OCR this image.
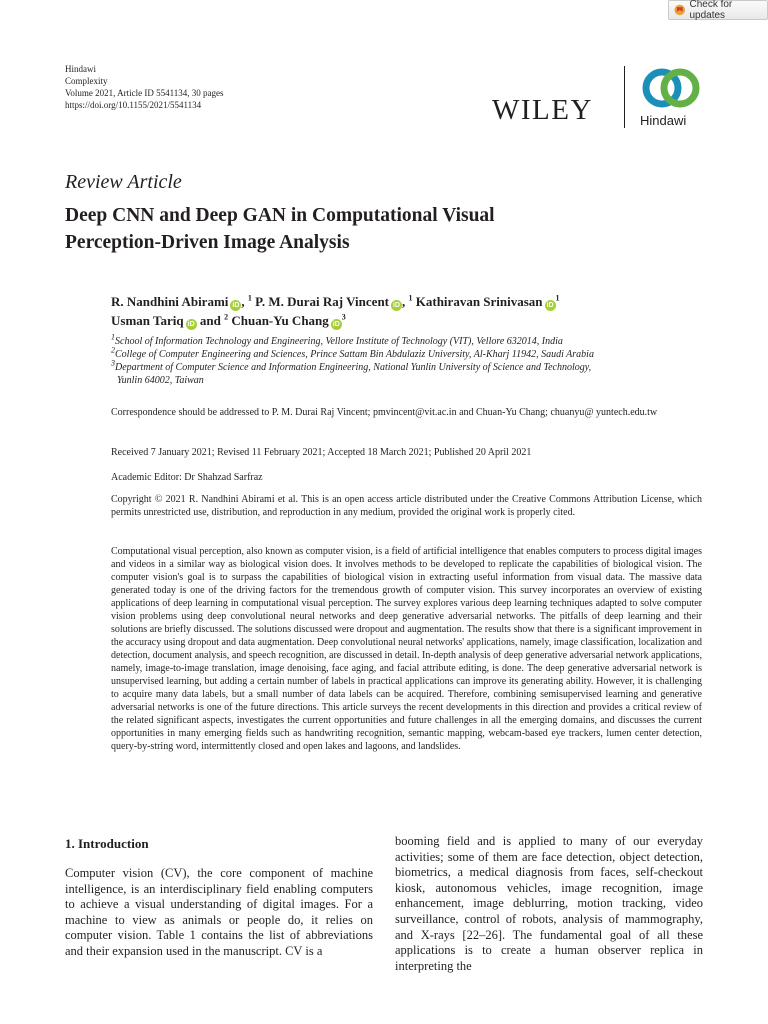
Check for updates
Hindawi
Complexity
Volume 2021, Article ID 5541134, 30 pages
https://doi.org/10.1155/2021/5541134	WILEY	Hindawi
Review Article
Deep CNN and Deep GAN in Computational Visual
Perception-Driven Image Analysis
R. Nandhini Abirami iD , $^1$ P. M. Durai Raj Vincent iD , $^1$ Kathiravan Srinivasan $iD^1$
Usman Tariq iD and $^2$ Chuan-Yu Chang $iD^3$
$^1$School of Information Technology and Engineering, Vellore Institute of Technology (VIT), Vellore 632014, India
$^2$College of Computer Engineering and Sciences, Prince Sattam Bin Abdulaziz University, Al-Kharj 11942, Saudi Arabia
$^3$Department of Computer Science and Information Engineering, National Yunlin University of Science and Technology,
Yunlin 64002, Taiwan
Correspondence should be addressed to P. M. Durai Raj Vincent; pmvincent@vit.ac.in and Chuan-Yu Chang; chuanyu@ yuntech.edu.tw
Received 7 January 2021; Revised 11 February 2021; Accepted 18 March 2021; Published 20 April 2021
Academic Editor: Dr Shahzad Sarfraz
Copyright © 2021 R. Nandhini Abirami et al. This is an open access article distributed under the Creative Commons Attribution License, which permits unrestricted use, distribution, and reproduction in any medium, provided the original work is properly cited.
Computational visual perception, also known as computer vision, is a field of artificial intelligence that enables computers to process digital images and videos in a similar way as biological vision does. It involves methods to be developed to replicate the capabilities of biological vision. The computer vision's goal is to surpass the capabilities of biological vision in extracting useful information from visual data. The massive data generated today is one of the driving factors for the tremendous growth of computer vision. This survey incorporates an overview of existing applications of deep learning in computational visual perception. The survey explores various deep learning techniques adapted to solve computer vision problems using deep convolutional neural networks and deep generative adversarial networks. The pitfalls of deep learning and their solutions are briefly discussed. The solutions discussed were dropout and augmentation. The results show that there is a significant improvement in the accuracy using dropout and data augmentation. Deep convolutional neural networks' applications, namely, image classification, localization and detection, document analysis, and speech recognition, are discussed in detail. In-depth analysis of deep generative adversarial network applications, namely, image-to-image translation, image denoising, face aging, and facial attribute editing, is done. The deep generative adversarial network is unsupervised learning, but adding a certain number of labels in practical applications can improve its generating ability. However, it is challenging to acquire many data labels, but a small number of data labels can be acquired. Therefore, combining semisupervised learning and generative adversarial networks is one of the future directions. This article surveys the recent developments in this direction and provides a critical review of the related significant aspects, investigates the current opportunities and future challenges in all the emerging domains, and discusses the current opportunities in many emerging fields such as handwriting recognition, semantic mapping, webcam-based eye trackers, lumen center detection, query-by-string word, intermittently closed and open lakes and lagoons, and landslides.
1. Introduction
Computer vision (CV), the core component of machine intelligence, is an interdisciplinary field enabling computers to achieve a visual understanding of digital images. For a machine to view as animals or people do, it relies on computer vision. Table 1 contains the list of abbreviations and their expansion used in the manuscript. CV is a
booming field and is applied to many of our everyday activities; some of them are face detection, object detection, biometrics, a medical diagnosis from faces, self-checkout kiosk, autonomous vehicles, image recognition, image enhancement, image deblurring, motion tracking, video surveillance, control of robots, analysis of mammography, and X-rays [22–26]. The fundamental goal of all these applications is to create a human observer replica in interpreting the
